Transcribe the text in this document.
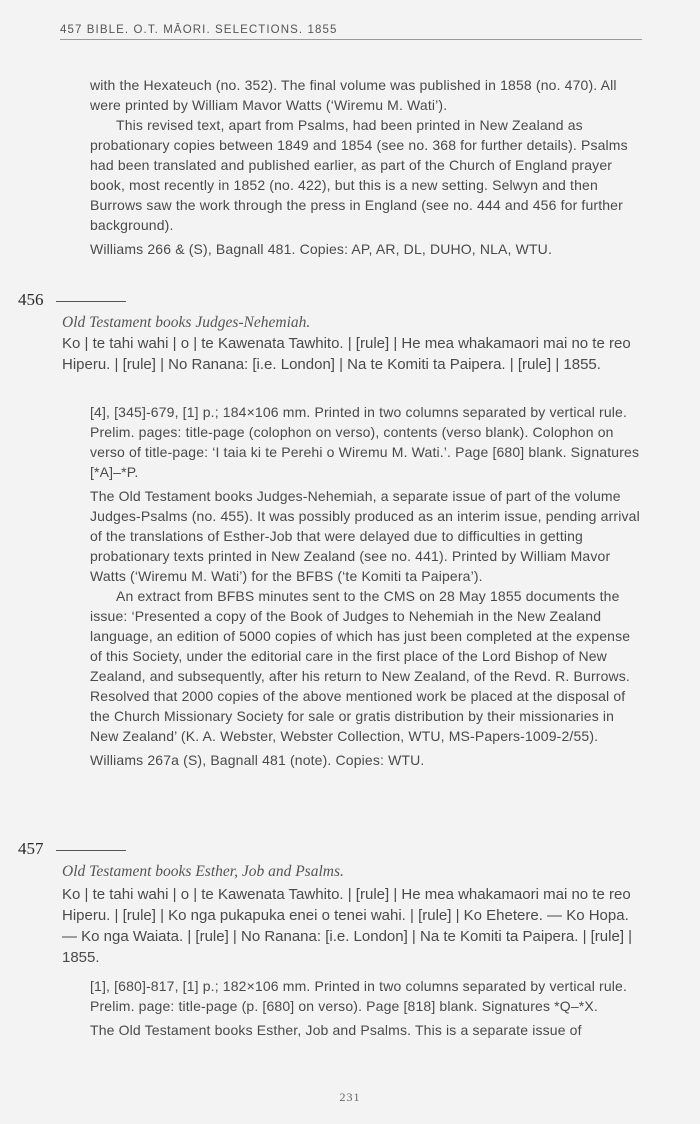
457 BIBLE. O.T. MĀORI. SELECTIONS. 1855

with the Hexateuch (no. 352). The final volume was published in 1858 (no. 470). All were printed by William Mavor Watts (‘Wiremu M. Wati’).

This revised text, apart from Psalms, had been printed in New Zealand as probationary copies between 1849 and 1854 (see no. 368 for further details). Psalms had been translated and published earlier, as part of the Church of England prayer book, most recently in 1852 (no. 422), but this is a new setting. Selwyn and then Burrows saw the work through the press in England (see no. 444 and 456 for further background).

Williams 266 & (S), Bagnall 481. Copies: AP, AR, DL, DUHO, NLA, WTU.

456
Old Testament books Judges-Nehemiah.
Ko | te tahi wahi | o | te Kawenata Tawhito. | [rule] | He mea whakamaori mai no te reo Hiperu. | [rule] | No Ranana: [i.e. London] | Na te Komiti ta Paipera. | [rule] | 1855.

[4], [345]-679, [1] p.; 184×106 mm. Printed in two columns separated by vertical rule. Prelim. pages: title-page (colophon on verso), contents (verso blank). Colophon on verso of title-page: ‘I taia ki te Perehi o Wiremu M. Wati.’. Page [680] blank. Signatures [*A]–*P.

The Old Testament books Judges-Nehemiah, a separate issue of part of the volume Judges-Psalms (no. 455). It was possibly produced as an interim issue, pending arrival of the translations of Esther-Job that were delayed due to difficulties in getting probationary texts printed in New Zealand (see no. 441). Printed by William Mavor Watts (‘Wiremu M. Wati’) for the BFBS (‘te Komiti ta Paipera’).

An extract from BFBS minutes sent to the CMS on 28 May 1855 documents the issue: ‘Presented a copy of the Book of Judges to Nehemiah in the New Zealand language, an edition of 5000 copies of which has just been completed at the expense of this Society, under the editorial care in the first place of the Lord Bishop of New Zealand, and subsequently, after his return to New Zealand, of the Revd. R. Burrows. Resolved that 2000 copies of the above mentioned work be placed at the disposal of the Church Missionary Society for sale or gratis distribution by their missionaries in New Zealand’ (K. A. Webster, Webster Collection, WTU, MS-Papers-1009-2/55).

Williams 267a (S), Bagnall 481 (note). Copies: WTU.

457
Old Testament books Esther, Job and Psalms.
Ko | te tahi wahi | o | te Kawenata Tawhito. | [rule] | He mea whakamaori mai no te reo Hiperu. | [rule] | Ko nga pukapuka enei o tenei wahi. | [rule] | Ko Ehetere. — Ko Hopa. — Ko nga Waiata. | [rule] | No Ranana: [i.e. London] | Na te Komiti ta Paipera. | [rule] | 1855.

[1], [680]-817, [1] p.; 182×106 mm. Printed in two columns separated by vertical rule. Prelim. page: title-page (p. [680] on verso). Page [818] blank. Signatures *Q–*X.

The Old Testament books Esther, Job and Psalms. This is a separate issue of

231
